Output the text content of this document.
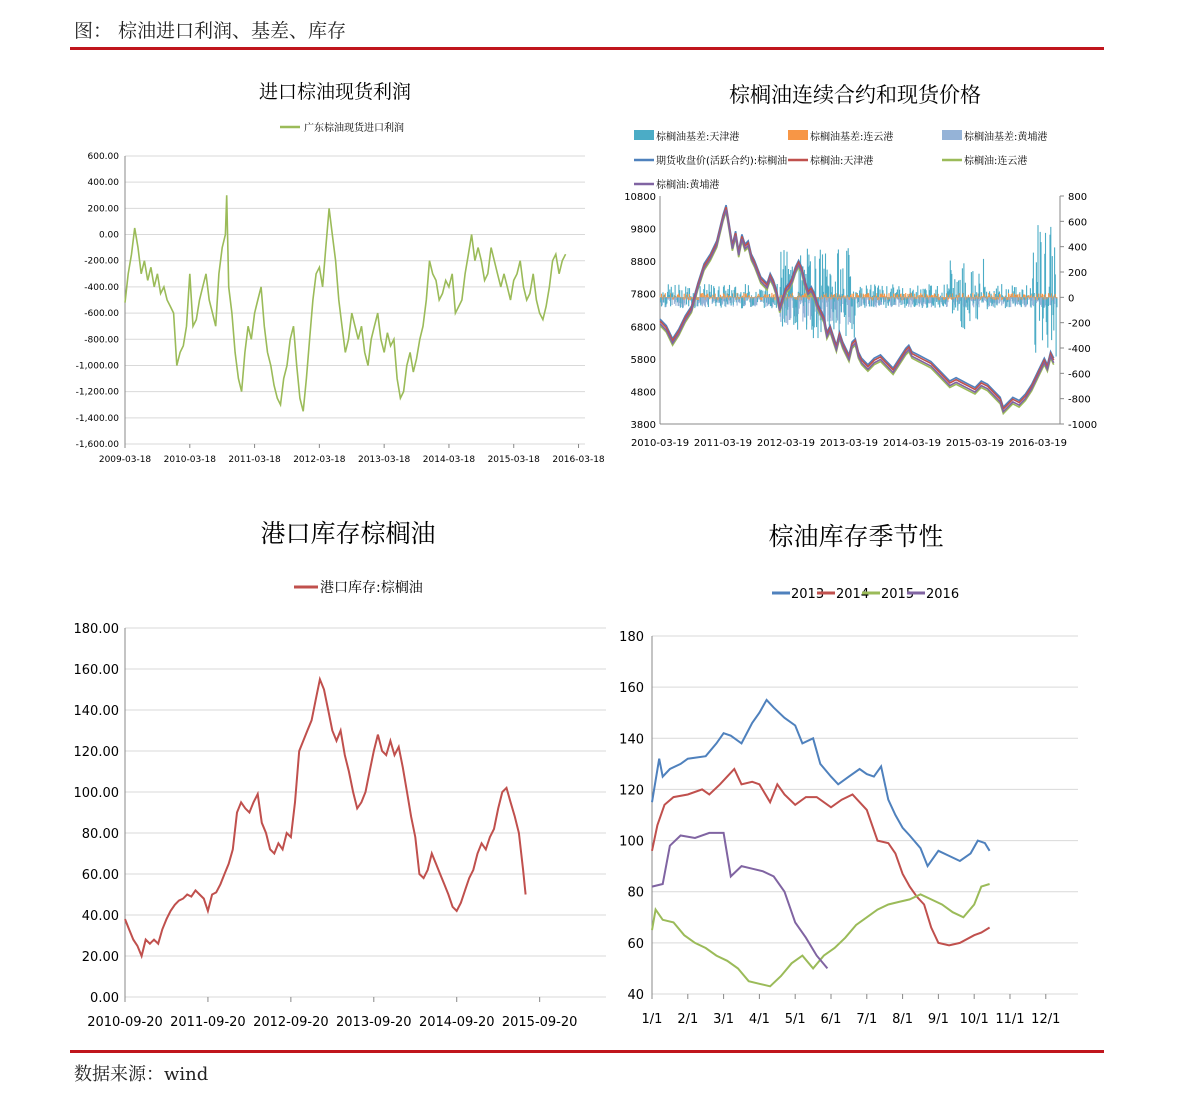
图： 棕油进口利润、基差、库存
进口棕油现货利润
广东棕油现货进口利润
600.00
400.00
200.00
0.00
-200.00
-400.00
-600.00
-800.00
-1,000.00
-1,200.00
-1,400.00
-1,600.00
2009-03-18 2010-03-18 2011-03-18 2012-03-18 2013-03-18 2014-03-18 2015-03-18 2016-03-18
棕榈油连续合约和现货价格
棕榈油基差:天津港	棕榈油基差:连云港	棕榈油基差:黄埔港
期货收盘价(活跃合约):棕榈油 棕榈油:天津港	棕榈油:连云港
棕榈油:黄埔港
10800
9800
8800
7800
6800
5800
4800
3800
800
600
400
200
0
-200
-400
-600
-800
-1000
2010-03-19 2011-03-19 2012-03-19 2013-03-19 2014-03-19 2015-03-19 2016-03-19
港口库存棕榈油
港口库存:棕榈油
180.00
160.00
140.00
120.00
100.00
80.00
60.00
40.00
20.00
0.00
2010-09-20 2011-09-20 2012-09-20 2013-09-20 2014-09-20 2015-09-20
棕油库存季节性
2013 2014 2015 2016
180
160
140
120
100
80
60
40
1/1 2/1 3/1 4/1 5/1 6/1 7/1 8/1 9/1 10/1 11/1 12/1
数据来源：wind
